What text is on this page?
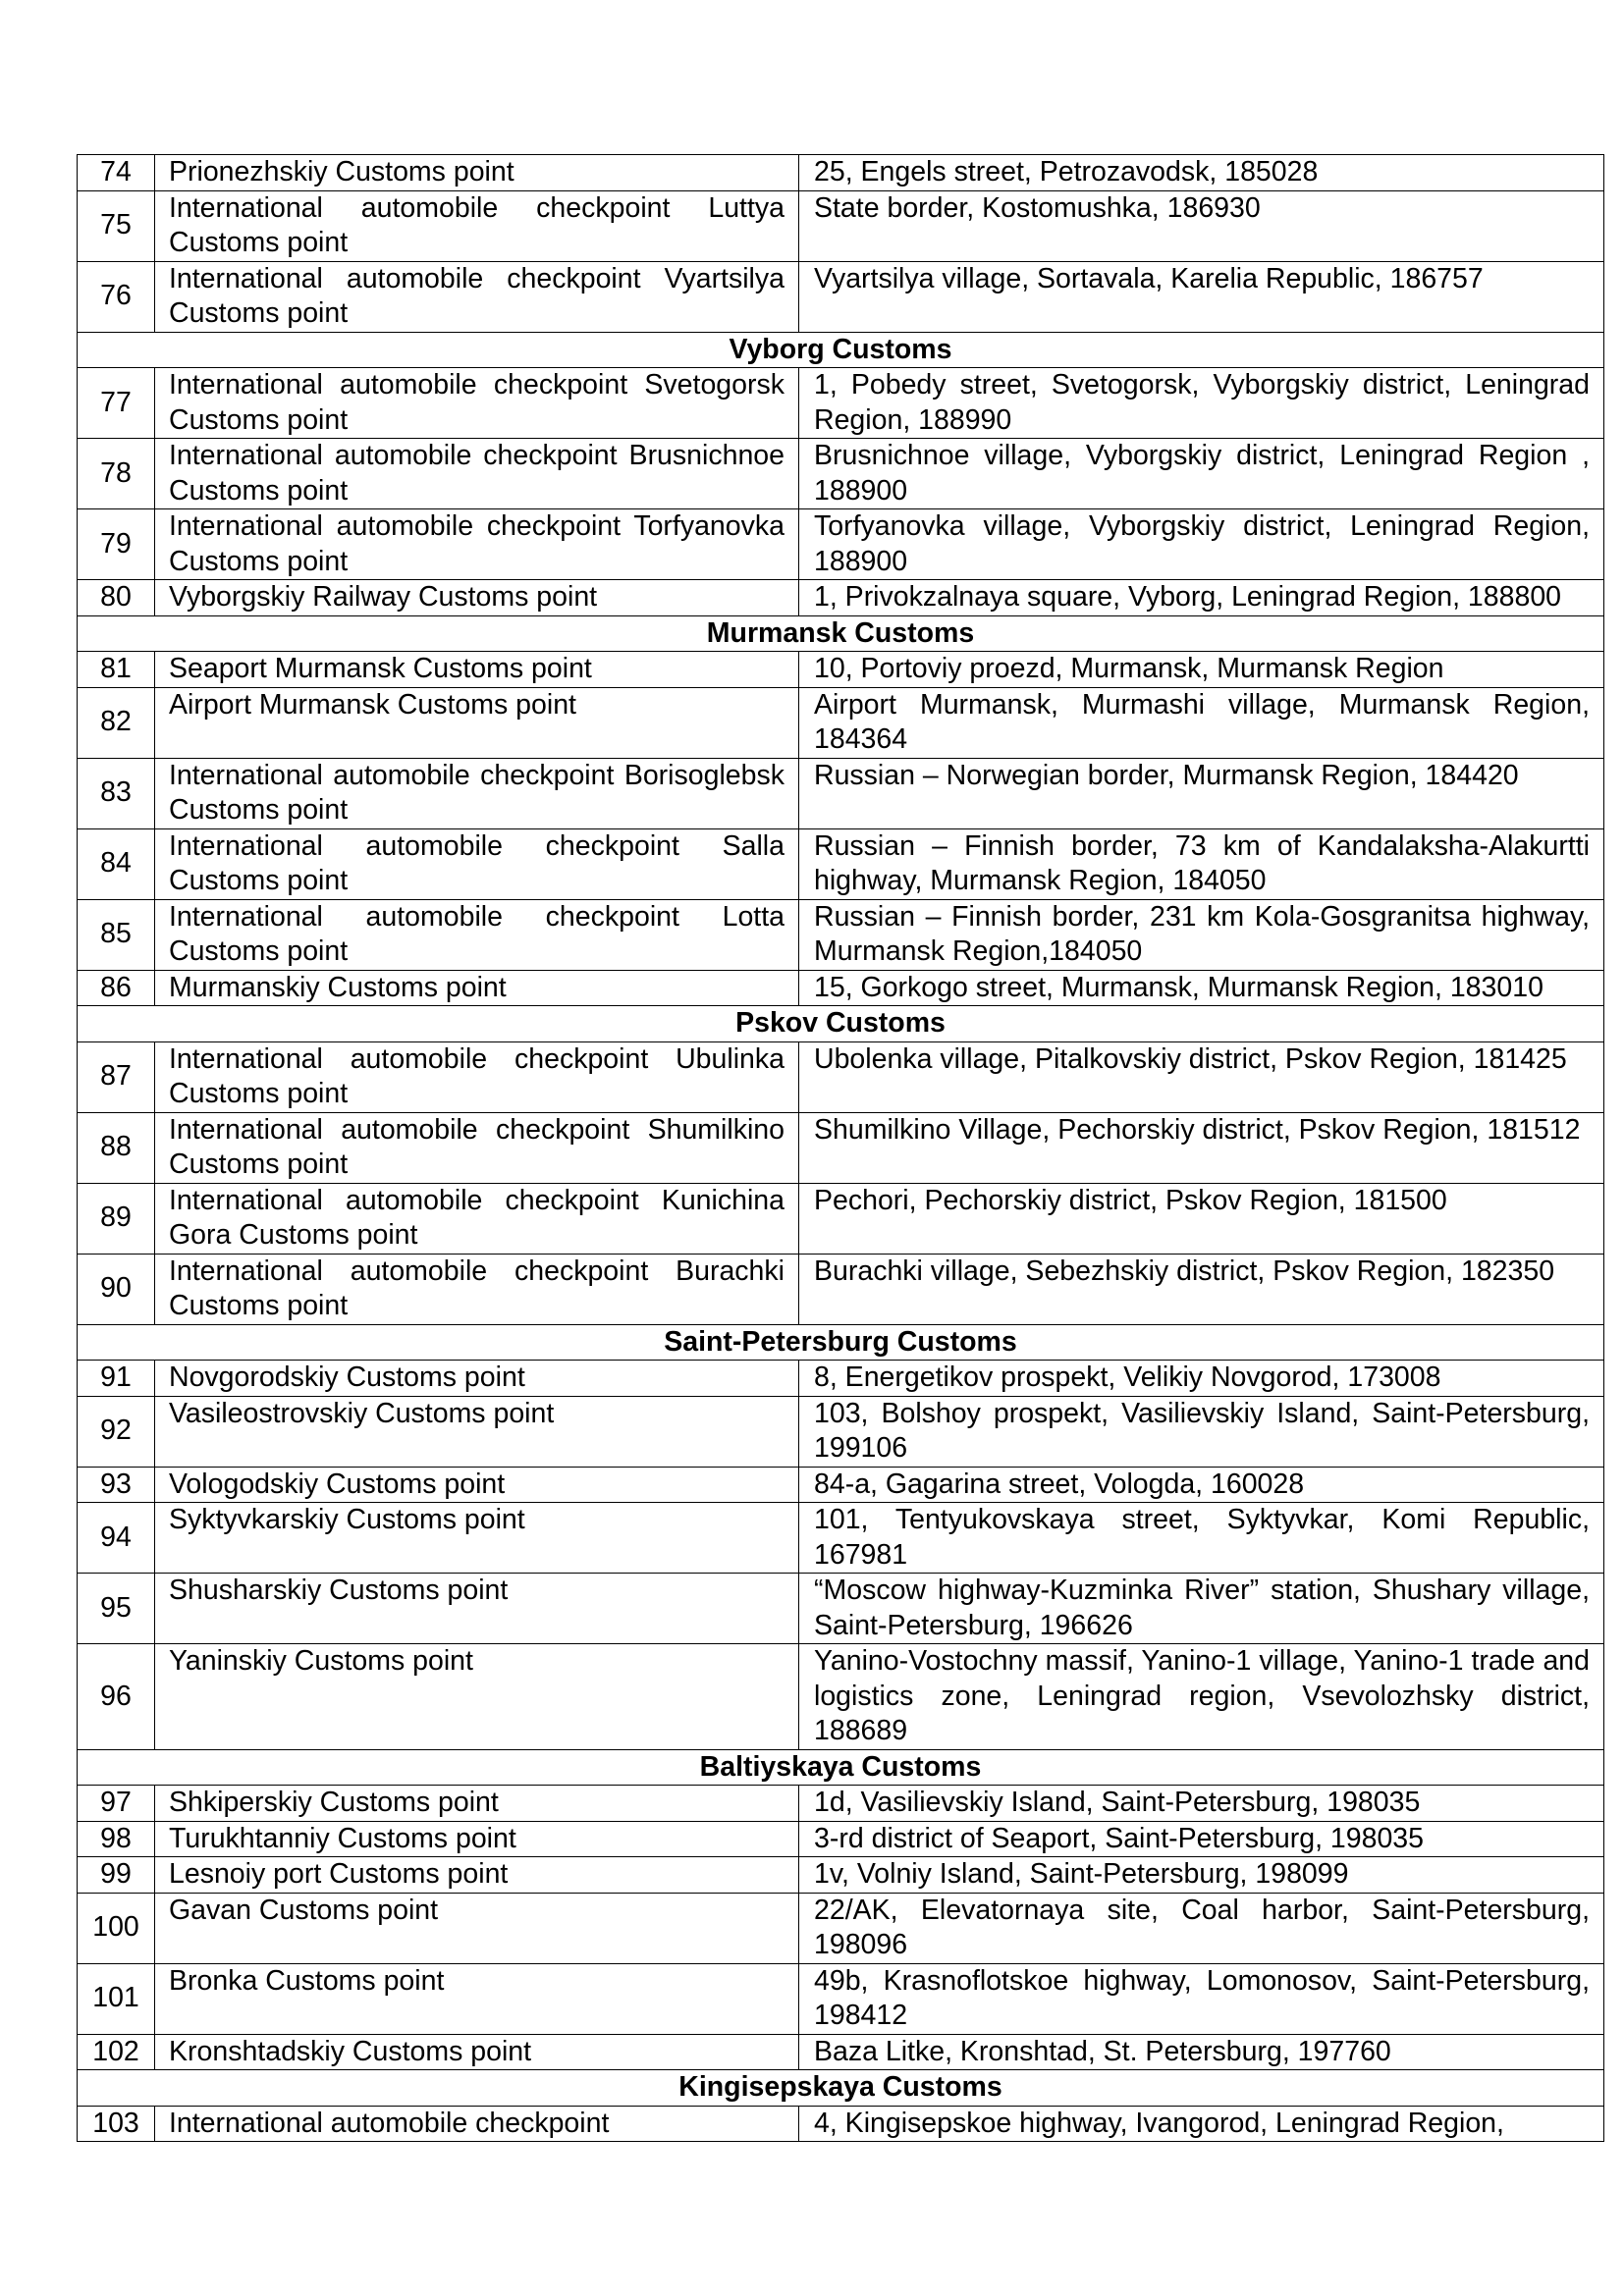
74	Prionezhskiy Customs point	25, Engels street, Petrozavodsk, 185028
75	International automobile checkpoint Luttya Customs point	State border, Kostomushka, 186930
76	International automobile checkpoint Vyartsilya Customs point	Vyartsilya village, Sortavala, Karelia Republic, 186757
Vyborg Customs		
77	International automobile checkpoint Svetogorsk Customs point	1, Pobedy street, Svetogorsk, Vyborgskiy district, Leningrad Region, 188990
78	International automobile checkpoint Brusnichnoe Customs point	Brusnichnoe village, Vyborgskiy district, Leningrad Region , 188900
79	International automobile checkpoint Torfyanovka Customs point	Torfyanovka village, Vyborgskiy district, Leningrad Region, 188900
80	Vyborgskiy Railway Customs point	1, Privokzalnaya square, Vyborg, Leningrad Region, 188800
Murmansk Customs		
81	Seaport Murmansk Customs point	10, Portoviy proezd, Murmansk, Murmansk Region
82	Airport Murmansk Customs point	Airport Murmansk, Murmashi village, Murmansk Region, 184364
83	International automobile checkpoint Borisoglebsk Customs point	Russian – Norwegian border, Murmansk Region, 184420
84	International automobile checkpoint Salla Customs point	Russian – Finnish border, 73 km of Kandalaksha-Alakurtti highway, Murmansk Region, 184050
85	International automobile checkpoint Lotta Customs point	Russian – Finnish border, 231 km Kola-Gosgranitsa highway, Murmansk Region,184050
86	Murmanskiy Customs point	15, Gorkogo street, Murmansk, Murmansk Region, 183010
Pskov Customs		
87	International automobile checkpoint Ubulinka Customs point	Ubolenka village, Pitalkovskiy district, Pskov Region, 181425
88	International automobile checkpoint Shumilkino Customs point	Shumilkino Village, Pechorskiy district, Pskov Region, 181512
89	International automobile checkpoint Kunichina Gora Customs point	Pechori, Pechorskiy district, Pskov Region, 181500
90	International automobile checkpoint Burachki Customs point	Burachki village, Sebezhskiy district, Pskov Region, 182350
Saint-Petersburg Customs		
91	Novgorodskiy Customs point	8, Energetikov prospekt, Velikiy Novgorod, 173008
92	Vasileostrovskiy Customs point	103, Bolshoy prospekt, Vasilievskiy Island, Saint-Petersburg, 199106
93	Vologodskiy Customs point	84-a, Gagarina street, Vologda, 160028
94	Syktyvkarskiy Customs point	101, Tentyukovskaya street, Syktyvkar, Komi Republic, 167981
95	Shusharskiy Customs point	“Moscow highway-Kuzminka River” station, Shushary village, Saint-Petersburg, 196626
96	Yaninskiy Customs point	Yanino-Vostochny massif, Yanino-1 village, Yanino-1 trade and logistics zone, Leningrad region, Vsevolozhsky district, 188689
Baltiyskaya Customs		
97	Shkiperskiy Customs point	1d, Vasilievskiy Island, Saint-Petersburg, 198035
98	Turukhtanniy Customs point	3-rd district of Seaport, Saint-Petersburg, 198035
99	Lesnoiy port Customs point	1v, Volniy Island, Saint-Petersburg, 198099
100	Gavan Customs point	22/AK, Elevatornaya site, Coal harbor, Saint-Petersburg, 198096
101	Bronka Customs point	49b, Krasnoflotskoe highway, Lomonosov, Saint-Petersburg, 198412
102	Kronshtadskiy Customs point	Baza Litke, Kronshtad, St. Petersburg, 197760
Kingisepskaya Customs		
103	International automobile checkpoint	4, Kingisepskoe highway, Ivangorod, Leningrad Region,
